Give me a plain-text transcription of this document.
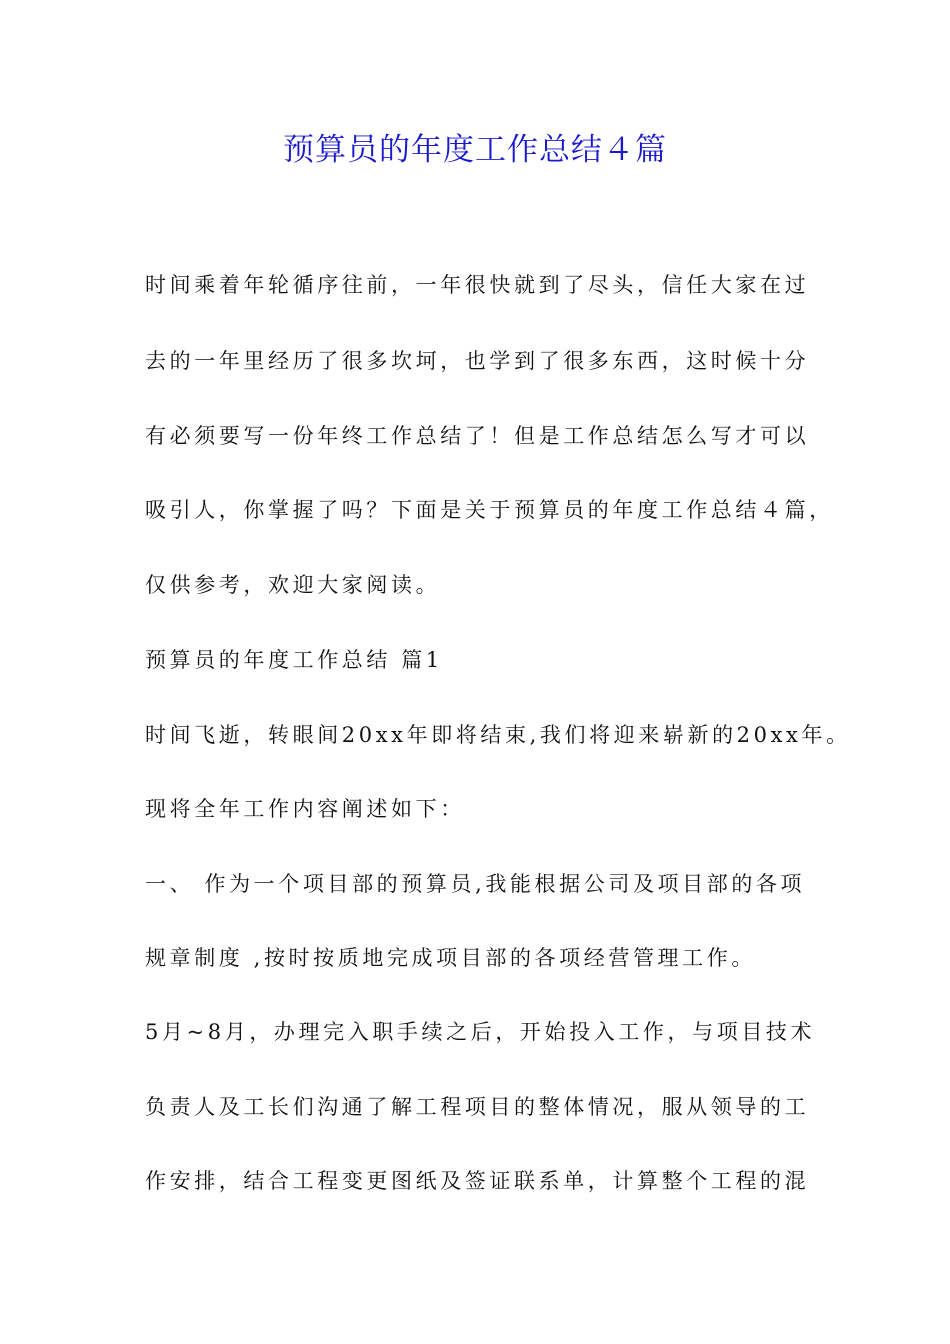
预算员的年度工作总结４篇
时间乘着年轮循序往前，一年很快就到了尽头，信任大家在过
去的一年里经历了很多坎坷，也学到了很多东西，这时候十分
有必须要写一份年终工作总结了！但是工作总结怎么写才可以
吸引人，你掌握了吗？下面是关于预算员的年度工作总结４篇，
仅供参考，欢迎大家阅读。
预算员的年度工作总结 篇1
时间飞逝，转眼间20xx年即将结束,我们将迎来崭新的20xx年。
现将全年工作内容阐述如下：
一、 作为一个项目部的预算员,我能根据公司及项目部的各项
规章制度 ,按时按质地完成项目部的各项经营管理工作。
5月~8月，办理完入职手续之后，开始投入工作，与项目技术
负责人及工长们沟通了解工程项目的整体情况，服从领导的工
作安排，结合工程变更图纸及签证联系单，计算整个工程的混
